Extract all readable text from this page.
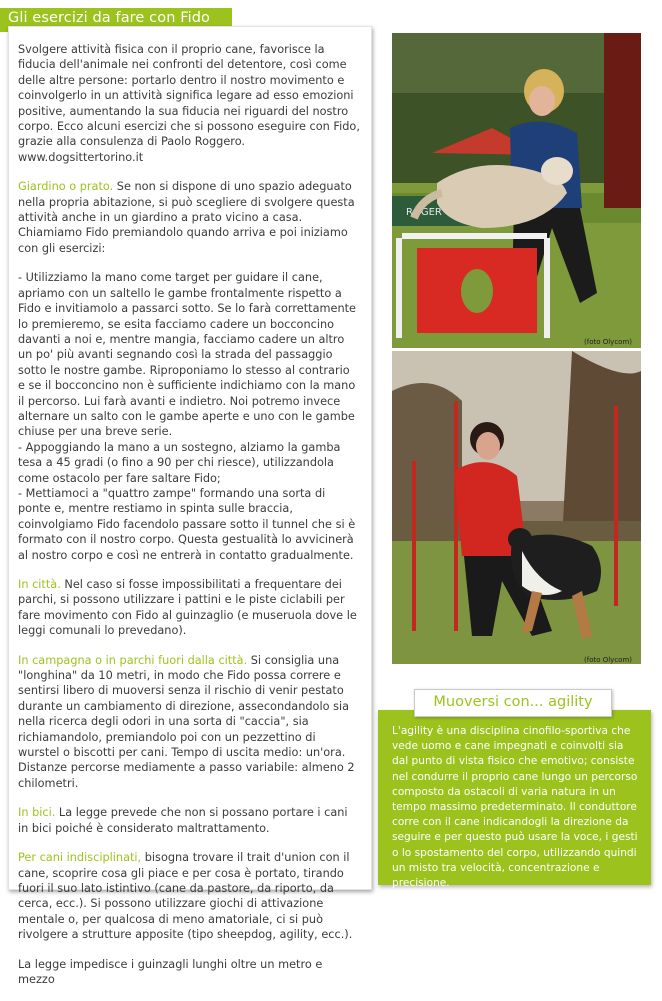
Gli esercizi da fare con Fido

Svolgere attività fisica con il proprio cane, favorisce la fiducia dell'animale nei confronti del detentore, così come delle altre persone: portarlo dentro il nostro movimento e coinvolgerlo in un attività significa legare ad esso emozioni positive, aumentando la sua fiducia nei riguardi del nostro corpo. Ecco alcuni esercizi che si possono eseguire con Fido, grazie alla consulenza di Paolo Roggero. www.dogsittertorino.it

Giardino o prato. Se non si dispone di uno spazio adeguato nella propria abitazione, si può scegliere di svolgere questa attività anche in un giardino a prato vicino a casa. Chiamiamo Fido premiandolo quando arriva e poi iniziamo con gli esercizi:

- Utilizziamo la mano come target per guidare il cane, apriamo con un saltello le gambe frontalmente rispetto a Fido e invitiamolo a passarci sotto. Se lo farà correttamente lo premieremo, se esita facciamo cadere un bocconcino davanti a noi e, mentre mangia, facciamo cadere un altro un po' più avanti segnando così la strada del passaggio sotto le nostre gambe. Riproponiamo lo stesso al contrario e se il bocconcino non è sufficiente indichiamo con la mano il percorso. Lui farà avanti e indietro. Noi potremo invece alternare un salto con le gambe aperte e uno con le gambe chiuse per una breve serie.

- Appoggiando la mano a un sostegno, alziamo la gamba tesa a 45 gradi (o fino a 90 per chi riesce), utilizzandola come ostacolo per fare saltare Fido;

- Mettiamoci a "quattro zampe" formando una sorta di ponte e, mentre restiamo in spinta sulle braccia, coinvolgiamo Fido facendolo passare sotto il tunnel che si è formato con il nostro corpo. Questa gestualità lo avvicinerà al nostro corpo e così ne entrerà in contatto gradualmente.

In città. Nel caso si fosse impossibilitati a frequentare dei parchi, si possono utilizzare i pattini e le piste ciclabili per fare movimento con Fido al guinzaglio (e museruola dove le leggi comunali lo prevedano).

In campagna o in parchi fuori dalla città. Si consiglia una "longhina" da 10 metri, in modo che Fido possa correre e sentirsi libero di muoversi senza il rischio di venir pestato durante un cambiamento di direzione, assecondandolo sia nella ricerca degli odori in una sorta di "caccia", sia richiamandolo, premiandolo poi con un pezzettino di wurstel o biscotti per cani. Tempo di uscita medio: un'ora. Distanze percorse mediamente a passo variabile: almeno 2 chilometri.

In bici. La legge prevede che non si possano portare i cani in bici poiché è considerato maltrattamento.

Per cani indisciplinati, bisogna trovare il trait d'union con il cane, scoprire cosa gli piace e per cosa è portato, tirando fuori il suo lato istintivo (cane da pastore, da riporto, da cerca, ecc.). Si possono utilizzare giochi di attivazione mentale o, per qualcosa di meno amatoriale, ci si può rivolgere a strutture apposite (tipo sheepdog, agility, ecc.).

La legge impedisce i guinzagli lunghi oltre un metro e mezzo

ROGER
(foto Olycom)
(foto Olycom)
L'agility è una disciplina cinofilo-sportiva che vede uomo e cane impegnati e coinvolti sia dal punto di vista fisico che emotivo; consiste nel condurre il proprio cane lungo un percorso composto da ostacoli di varia natura in un tempo massimo predeterminato. Il conduttore corre con il cane indicandogli la direzione da seguire e per questo può usare la voce, i gesti o lo spostamento del corpo, utilizzando quindi un misto tra velocità, concentrazione e precisione.
Muoversi con... agility
